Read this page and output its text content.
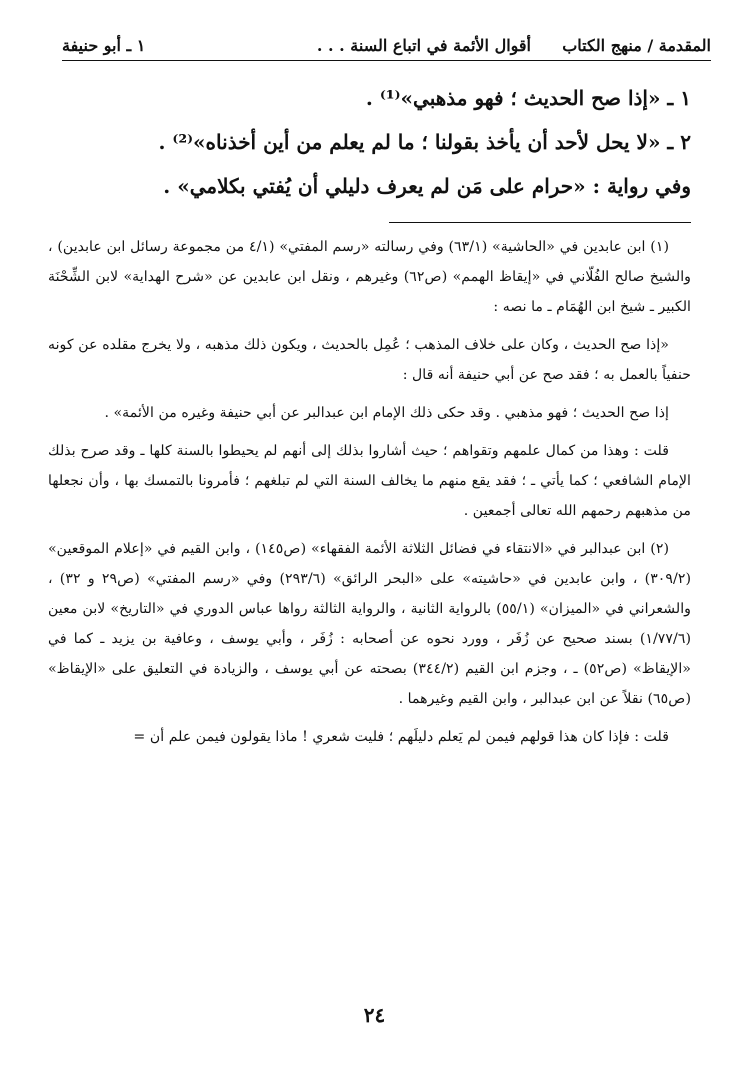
المقدمة / منهج الكتاب
أقوال الأئمة في اتباع السنة . . .
١ ـ أبو حنيفة

١ ـ «إذا صح الحديث ؛ فهو مذهبي»⁽¹⁾ .

٢ ـ «لا يحل لأحد أن يأخذ بقولنا ؛ ما لم يعلم من أين أخذناه»⁽²⁾ .

وفي رواية : «حرام على مَن لم يعرف دليلي أن يُفتي بكلامي» .

(١) ابن عابدين في «الحاشية» (٦٣/١) وفي رسالته «رسم المفتي» (٤/١ من مجموعة رسائل ابن عابدين) ، والشيخ صالح الفُلّاني في «إيقاظ الهمم» (ص٦٢) وغيرهم ، ونقل ابن عابدين عن «شرح الهداية» لابن الشِّحْنَة الكبير ـ شيخ ابن الهُمَام ـ ما نصه :

«إذا صح الحديث ، وكان على خلاف المذهب ؛ عُمِل بالحديث ، ويكون ذلك مذهبه ، ولا يخرج مقلده عن كونه حنفياً بالعمل به ؛ فقد صح عن أبي حنيفة أنه قال :

إذا صح الحديث ؛ فهو مذهبي . وقد حكى ذلك الإمام ابن عبدالبر عن أبي حنيفة وغيره من الأئمة» .

قلت : وهذا من كمال علمهم وتقواهم ؛ حيث أشاروا بذلك إلى أنهم لم يحيطوا بالسنة كلها ـ وقد صرح بذلك الإمام الشافعي ؛ كما يأتي ـ ؛ فقد يقع منهم ما يخالف السنة التي لم تبلغهم ؛ فأمرونا بالتمسك بها ، وأن نجعلها من مذهبهم رحمهم الله تعالى أجمعين .

(٢) ابن عبدالبر في «الانتقاء في فضائل الثلاثة الأئمة الفقهاء» (ص١٤٥) ، وابن القيم في «إعلام الموقعين» (٣٠٩/٢) ، وابن عابدين في «حاشيته» على «البحر الرائق» (٢٩٣/٦) وفي «رسم المفتي» (ص٢٩ و ٣٢) ، والشعراني في «الميزان» (٥٥/١) بالرواية الثانية ، والرواية الثالثة رواها عباس الدوري في «التاريخ» لابن معين (١/٧٧/٦) بسند صحيح عن زُفَر ، وورد نحوه عن أصحابه : زُفَر ، وأبي يوسف ، وعافية بن يزيد ـ كما في «الإيقاظ» (ص٥٢) ـ ، وجزم ابن القيم (٣٤٤/٢) بصحته عن أبي يوسف ، والزيادة في التعليق على «الإيقاظ» (ص٦٥) نقلاً عن ابن عبدالبر ، وابن القيم وغيرهما .

قلت : فإذا كان هذا قولهم فيمن لم يَعلم دليلَهم ؛ فليت شعري ! ماذا يقولون فيمن علم أن =

٢٤
